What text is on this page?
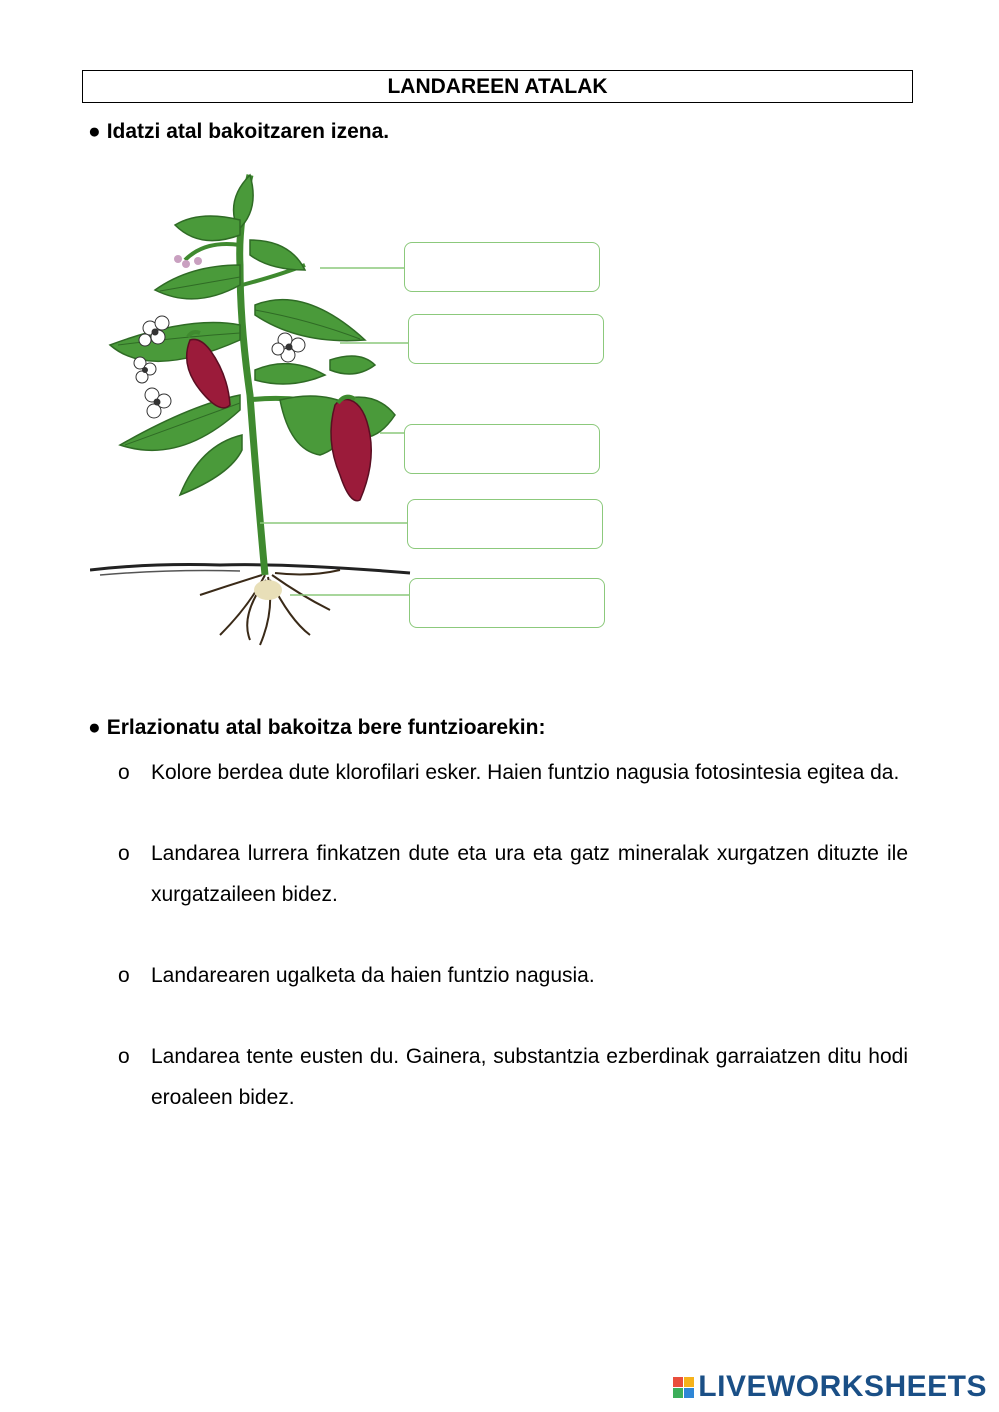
LANDAREEN ATALAK
● Idatzi atal bakoitzaren izena.
● Erlazionatu atal bakoitza bere funtzioarekin:
o	Kolore berdea dute klorofilari esker. Haien funtzio nagusia fotosintesia egitea da.
o	Landarea lurrera finkatzen dute eta ura eta gatz mineralak xurgatzen dituzte ile xurgatzaileen bidez.
o	Landarearen ugalketa da haien funtzio nagusia.
o	Landarea tente eusten du. Gainera, substantzia ezberdinak garraiatzen ditu hodi eroaleen bidez.
LIVEWORKSHEETS
